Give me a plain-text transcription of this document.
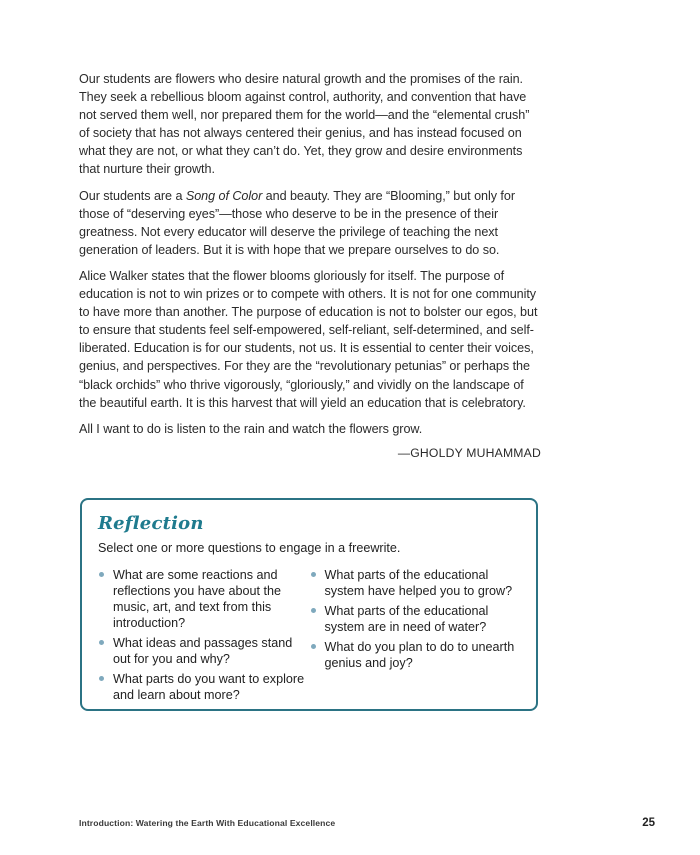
Our students are flowers who desire natural growth and the promises of the rain. They seek a rebellious bloom against control, authority, and convention that have not served them well, nor prepared them for the world—and the “elemental crush” of society that has not always centered their genius, and has instead focused on what they are not, or what they can’t do. Yet, they grow and desire environments that nurture their growth.

Our students are a Song of Color and beauty. They are “Blooming,” but only for those of “deserving eyes”—those who deserve to be in the presence of their greatness. Not every educator will deserve the privilege of teaching the next generation of leaders. But it is with hope that we prepare ourselves to do so.

Alice Walker states that the flower blooms gloriously for itself. The purpose of education is not to win prizes or to compete with others. It is not for one community to have more than another. The purpose of education is not to bolster our egos, but to ensure that students feel self-empowered, self-reliant, self-determined, and self-liberated. Education is for our students, not us. It is essential to center their voices, genius, and perspectives. For they are the “revolutionary petunias” or perhaps the “black orchids” who thrive vigorously, “gloriously,” and vividly on the landscape of the beautiful earth. It is this harvest that will yield an education that is celebratory.

All I want to do is listen to the rain and watch the flowers grow.

—GHOLDY MUHAMMAD
Reflection
Select one or more questions to engage in a freewrite.
What are some reactions and reflections you have about the music, art, and text from this introduction?
What ideas and passages stand out for you and why?
What parts do you want to explore and learn about more?
What parts of the educational system have helped you to grow?
What parts of the educational system are in need of water?
What do you plan to do to unearth genius and joy?
Introduction: Watering the Earth With Educational Excellence	25
